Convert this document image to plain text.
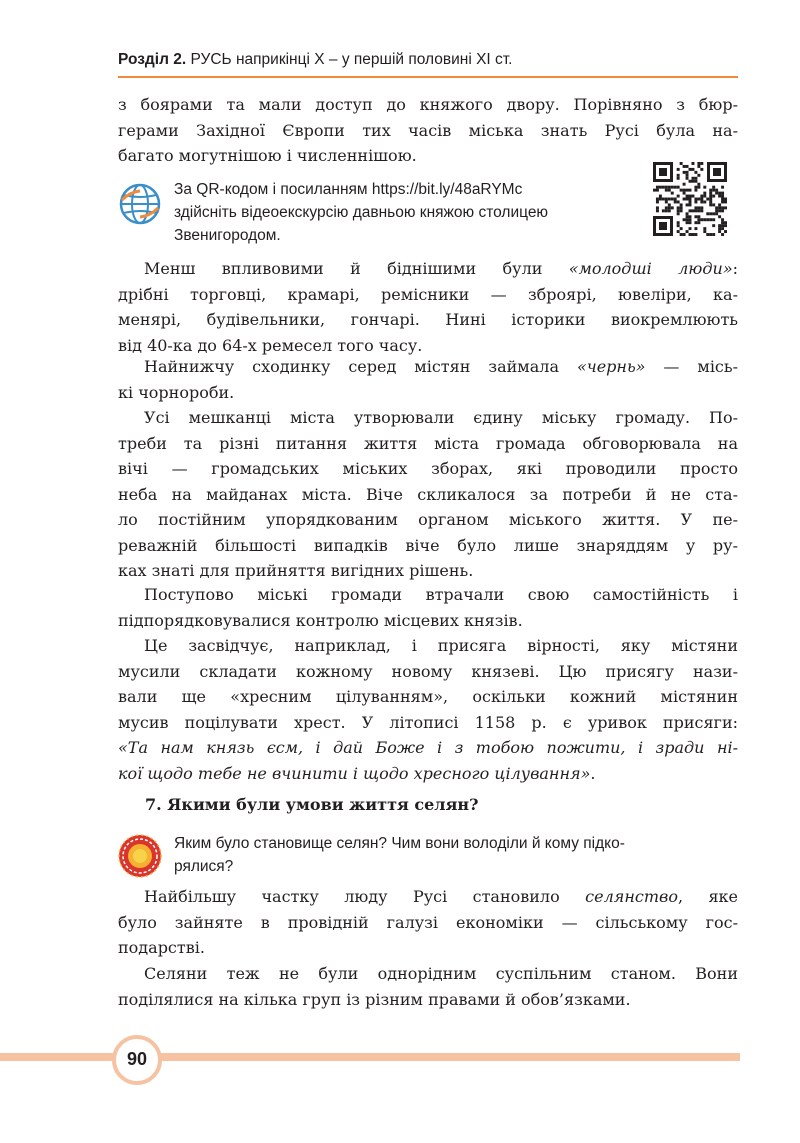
Розділ 2. РУСЬ наприкінці Х – у першій половині ХІ ст.
з боярами та мали доступ до княжого двору. Порівняно з бюр-
герами Західної Європи тих часів міська знать Русі була на-
багато могутнішою і численнішою.
За QR-кодом і посиланням https://bit.ly/48aRYMc
здійсніть відеоекскурсію давньою княжою столицею
Звенигородом.
Менш впливовими й біднішими були «молодші люди»:
дрібні торговці, крамарі, ремісники — зброярі, ювеліри, ка-
менярі, будівельники, гончарі. Нині історики виокремлюють
від 40-ка до 64-х ремесел того часу.
Найнижчу сходинку серед містян займала «чернь» — місь-
кі чорнороби.
Усі мешканці міста утворювали єдину міську громаду. По-
треби та різні питання життя міста громада обговорювала на
вічі — громадських міських зборах, які проводили просто
неба на майданах міста. Віче скликалося за потреби й не ста-
ло постійним упорядкованим органом міського життя. У пе-
реважній більшості випадків віче було лише знаряддям у ру-
ках знаті для прийняття вигідних рішень.
Поступово міські громади втрачали свою самостійність і
підпорядковувалися контролю місцевих князів.
Це засвідчує, наприклад, і присяга вірності, яку містяни
мусили складати кожному новому князеві. Цю присягу нази-
вали ще «хресним цілуванням», оскільки кожний містянин
мусив поцілувати хрест. У літописі 1158 р. є уривок присяги:
«Та нам князь єсм, і дай Боже і з тобою пожити, і зради ні-
кої щодо тебе не вчинити і щодо хресного цілування».
7. Якими були умови життя селян?
Яким було становище селян? Чим вони володіли й кому підко-
рялися?
Найбільшу частку люду Русі становило селянство, яке
було зайняте в провідній галузі економіки — сільському гос-
подарстві.
Селяни теж не були однорідним суспільним станом. Вони
поділялися на кілька груп із різним правами й обов’язками.
90
